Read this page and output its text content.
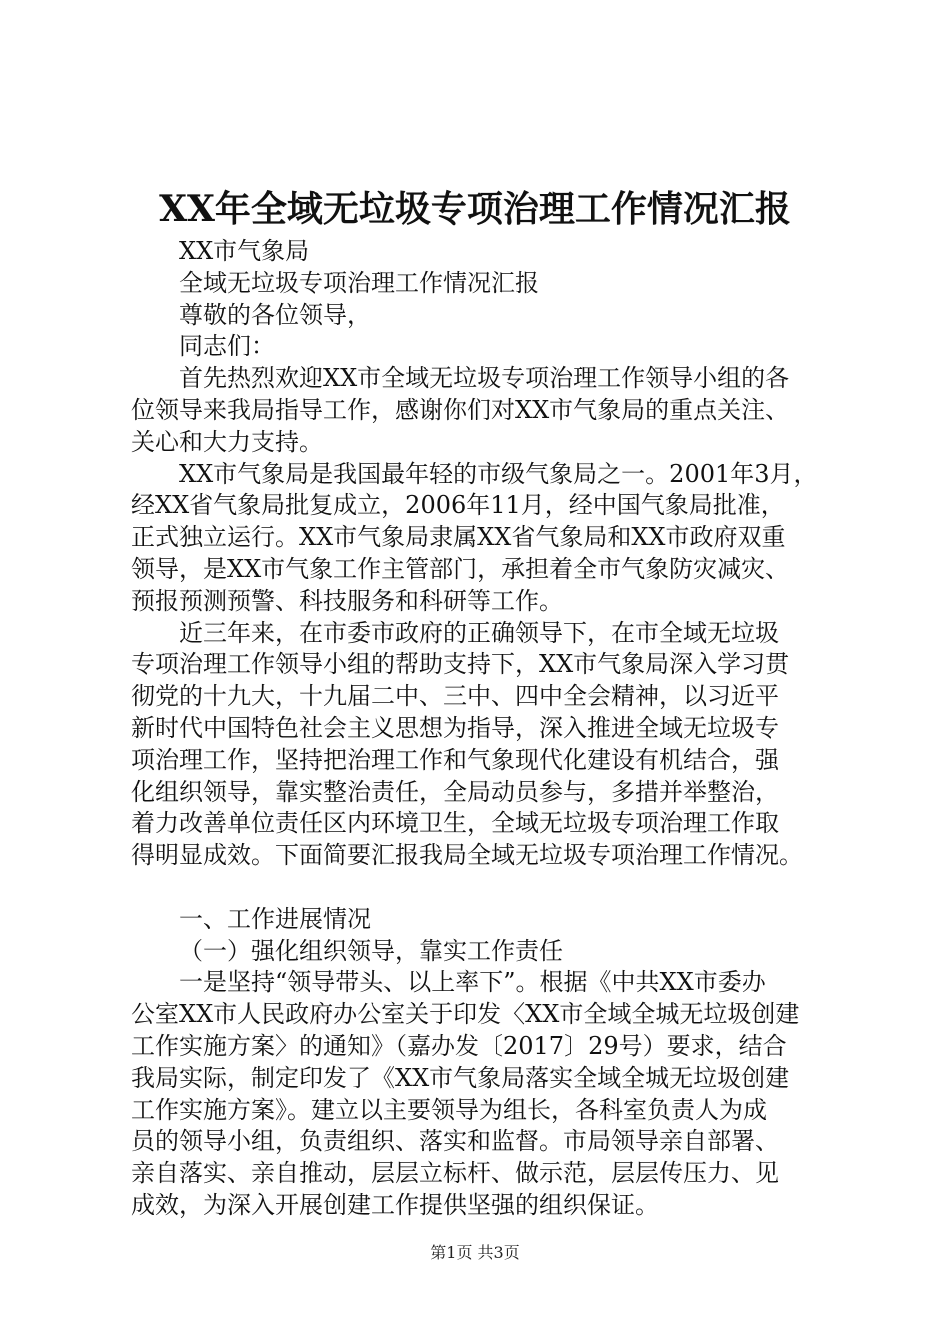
XX年全域无垃圾专项治理工作情况汇报
XX市气象局
全域无垃圾专项治理工作情况汇报
尊敬的各位领导，
同志们：
首先热烈欢迎XX市全域无垃圾专项治理工作领导小组的各
位领导来我局指导工作，感谢你们对XX市气象局的重点关注、
关心和大力支持。
XX市气象局是我国最年轻的市级气象局之一。2001年3月，
经XX省气象局批复成立，2006年11月，经中国气象局批准，
正式独立运行。XX市气象局隶属XX省气象局和XX市政府双重
领导，是XX市气象工作主管部门，承担着全市气象防灾减灾、
预报预测预警、科技服务和科研等工作。
近三年来，在市委市政府的正确领导下，在市全域无垃圾
专项治理工作领导小组的帮助支持下，XX市气象局深入学习贯
彻党的十九大，十九届二中、三中、四中全会精神，以习近平
新时代中国特色社会主义思想为指导，深入推进全域无垃圾专
项治理工作，坚持把治理工作和气象现代化建设有机结合，强
化组织领导，靠实整治责任，全局动员参与，多措并举整治，
着力改善单位责任区内环境卫生，全域无垃圾专项治理工作取
得明显成效。下面简要汇报我局全域无垃圾专项治理工作情况。
一、工作进展情况
（一）强化组织领导，靠实工作责任
一是坚持“领导带头、以上率下”。根据《中共XX市委办
公室XX市人民政府办公室关于印发〈XX市全域全城无垃圾创建
工作实施方案〉的通知》（嘉办发〔2017〕29号）要求，结合
我局实际，制定印发了《XX市气象局落实全域全城无垃圾创建
工作实施方案》。建立以主要领导为组长，各科室负责人为成
员的领导小组，负责组织、落实和监督。市局领导亲自部署、
亲自落实、亲自推动，层层立标杆、做示范，层层传压力、见
成效，为深入开展创建工作提供坚强的组织保证。
第1页 共3页
